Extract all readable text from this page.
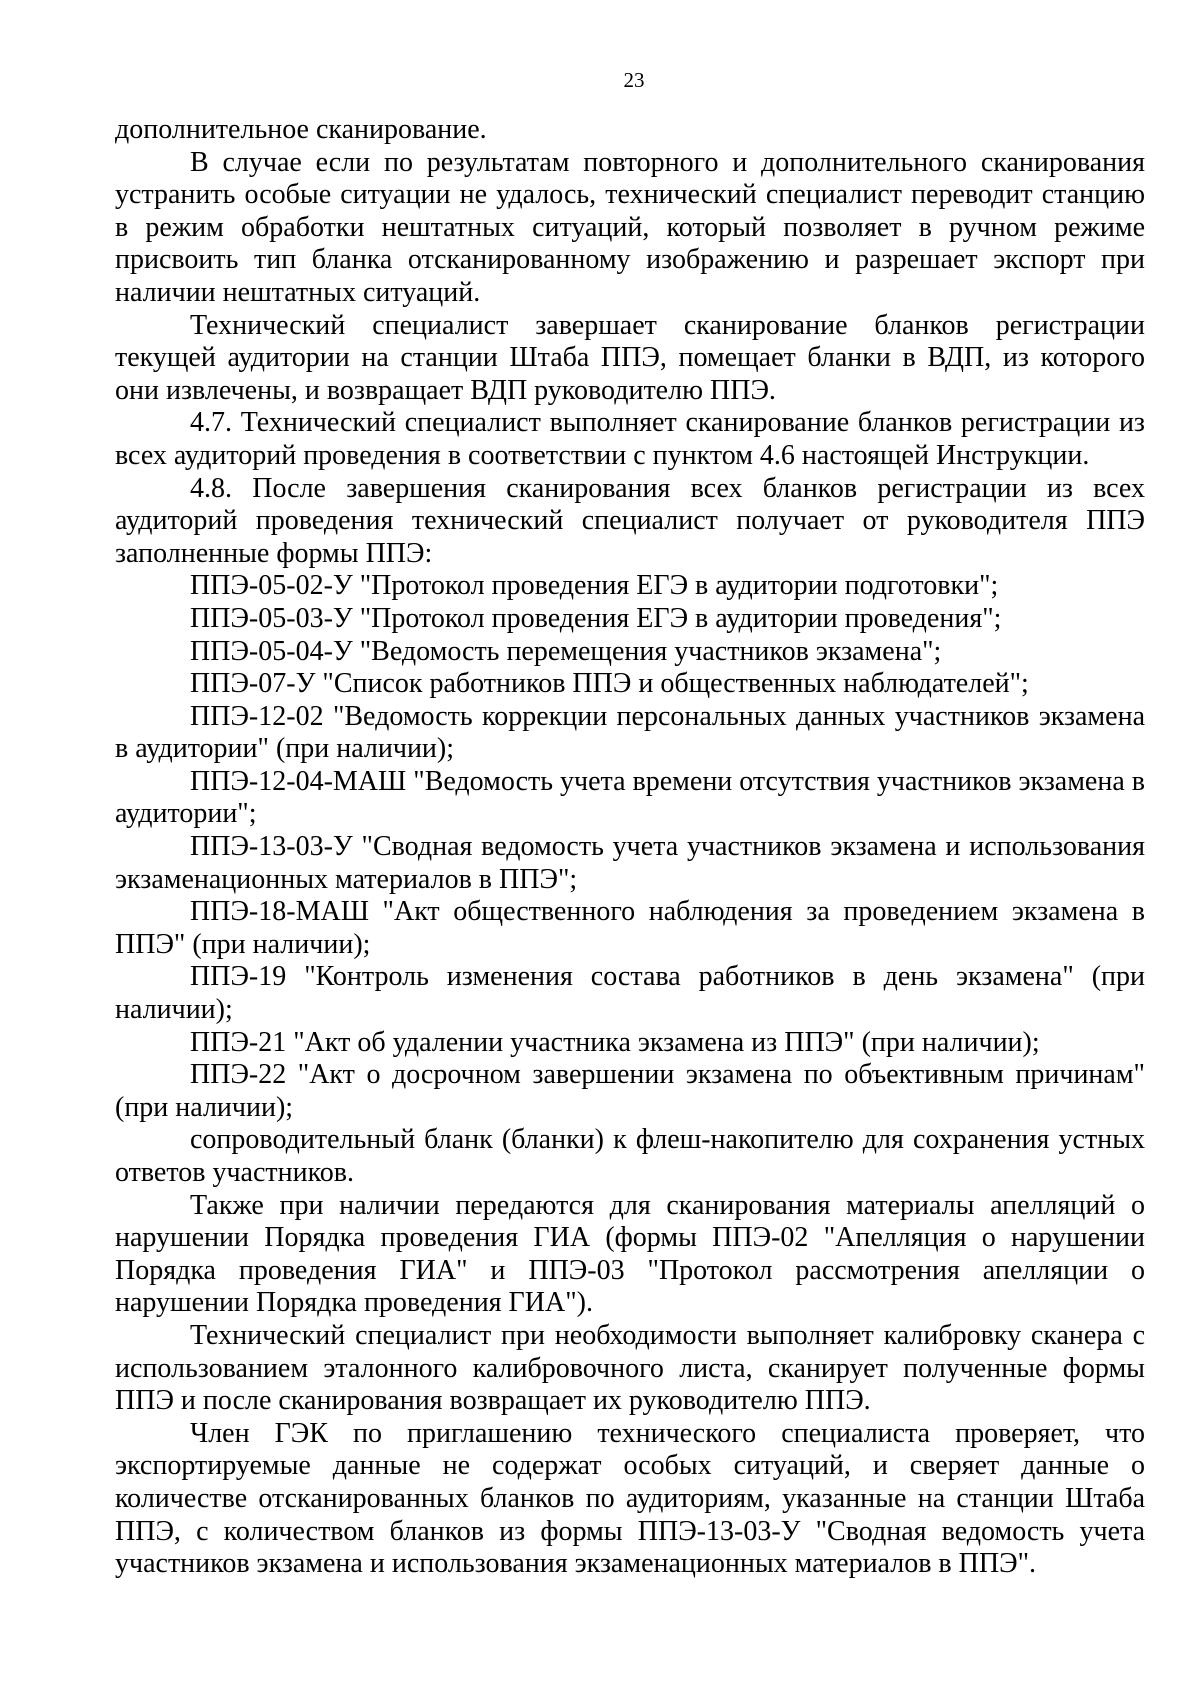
23

дополнительное сканирование.

В случае если по результатам повторного и дополнительного сканирования устранить особые ситуации не удалось, технический специалист переводит станцию в режим обработки нештатных ситуаций, который позволяет в ручном режиме присвоить тип бланка отсканированному изображению и разрешает экспорт при наличии нештатных ситуаций.

Технический специалист завершает сканирование бланков регистрации текущей аудитории на станции Штаба ППЭ, помещает бланки в ВДП, из которого они извлечены, и возвращает ВДП руководителю ППЭ.

4.7. Технический специалист выполняет сканирование бланков регистрации из всех аудиторий проведения в соответствии с пунктом 4.6 настоящей Инструкции.

4.8. После завершения сканирования всех бланков регистрации из всех аудиторий проведения технический специалист получает от руководителя ППЭ заполненные формы ППЭ:

ППЭ-05-02-У "Протокол проведения ЕГЭ в аудитории подготовки";

ППЭ-05-03-У "Протокол проведения ЕГЭ в аудитории проведения";

ППЭ-05-04-У "Ведомость перемещения участников экзамена";

ППЭ-07-У "Список работников ППЭ и общественных наблюдателей";

ППЭ-12-02 "Ведомость коррекции персональных данных участников экзамена в аудитории" (при наличии);

ППЭ-12-04-МАШ "Ведомость учета времени отсутствия участников экзамена в аудитории";

ППЭ-13-03-У "Сводная ведомость учета участников экзамена и использования экзаменационных материалов в ППЭ";

ППЭ-18-МАШ "Акт общественного наблюдения за проведением экзамена в ППЭ" (при наличии);

ППЭ-19 "Контроль изменения состава работников в день экзамена" (при наличии);

ППЭ-21 "Акт об удалении участника экзамена из ППЭ" (при наличии);

ППЭ-22 "Акт о досрочном завершении экзамена по объективным причинам" (при наличии);

сопроводительный бланк (бланки) к флеш-накопителю для сохранения устных ответов участников.

Также при наличии передаются для сканирования материалы апелляций о нарушении Порядка проведения ГИА (формы ППЭ-02 "Апелляция о нарушении Порядка проведения ГИА" и ППЭ-03 "Протокол рассмотрения апелляции о нарушении Порядка проведения ГИА").

Технический специалист при необходимости выполняет калибровку сканера с использованием эталонного калибровочного листа, сканирует полученные формы ППЭ и после сканирования возвращает их руководителю ППЭ.

Член ГЭК по приглашению технического специалиста проверяет, что экспортируемые данные не содержат особых ситуаций, и сверяет данные о количестве отсканированных бланков по аудиториям, указанные на станции Штаба ППЭ, с количеством бланков из формы ППЭ-13-03-У "Сводная ведомость учета участников экзамена и использования экзаменационных материалов в ППЭ".
